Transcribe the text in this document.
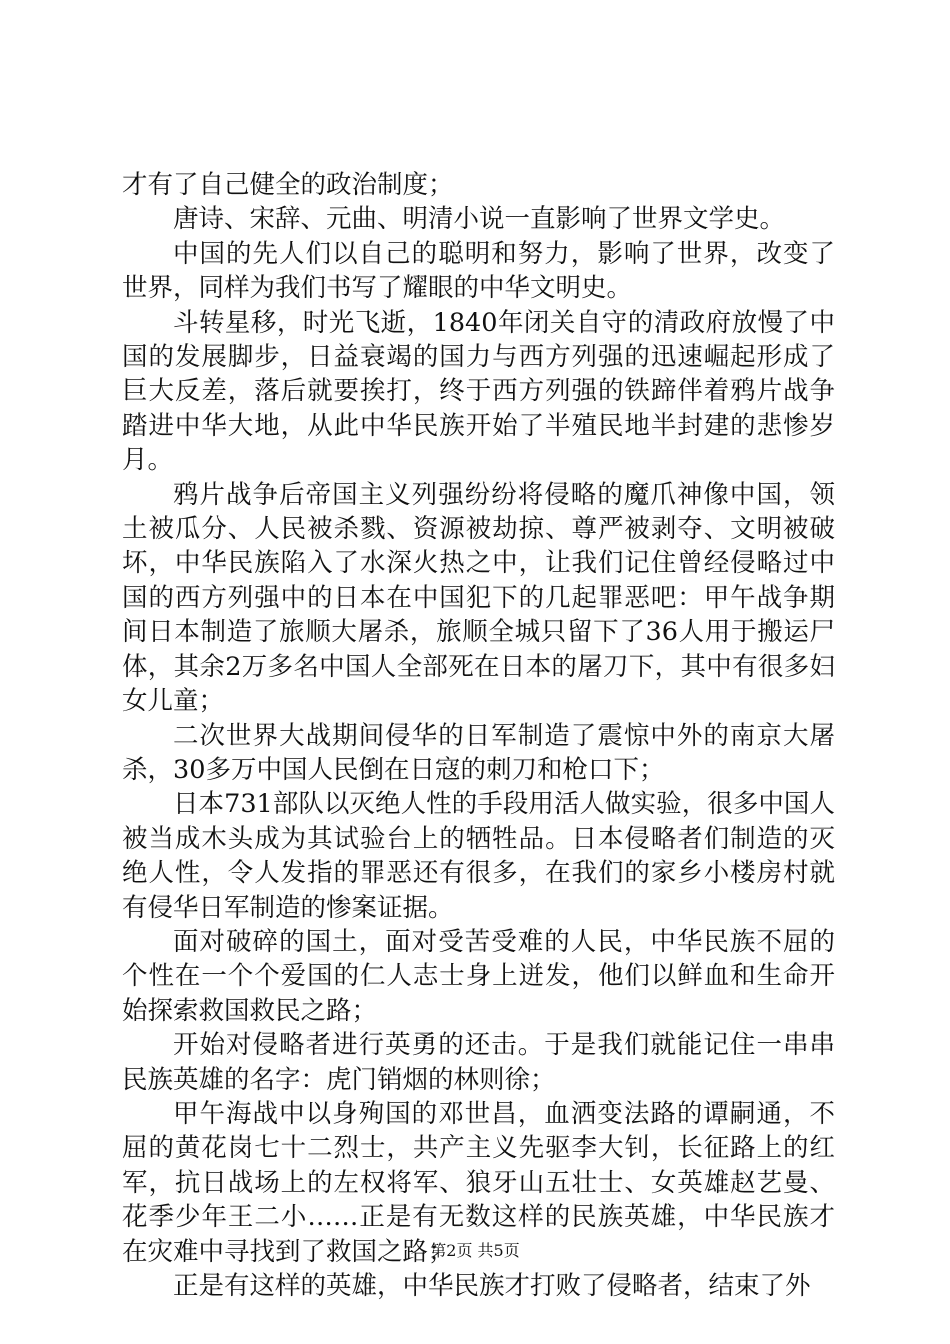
才有了自己健全的政治制度；

唐诗、宋辞、元曲、明清小说一直影响了世界文学史。

中国的先人们以自己的聪明和努力，影响了世界，改变了世界，同样为我们书写了耀眼的中华文明史。

斗转星移，时光飞逝，1840年闭关自守的清政府放慢了中国的发展脚步，日益衰竭的国力与西方列强的迅速崛起形成了巨大反差，落后就要挨打，终于西方列强的铁蹄伴着鸦片战争踏进中华大地，从此中华民族开始了半殖民地半封建的悲惨岁月。

鸦片战争后帝国主义列强纷纷将侵略的魔爪神像中国，领土被瓜分、人民被杀戮、资源被劫掠、尊严被剥夺、文明被破坏，中华民族陷入了水深火热之中，让我们记住曾经侵略过中国的西方列强中的日本在中国犯下的几起罪恶吧：甲午战争期间日本制造了旅顺大屠杀，旅顺全城只留下了36人用于搬运尸体，其余2万多名中国人全部死在日本的屠刀下，其中有很多妇女儿童；

二次世界大战期间侵华的日军制造了震惊中外的南京大屠杀，30多万中国人民倒在日寇的刺刀和枪口下；

日本731部队以灭绝人性的手段用活人做实验，很多中国人被当成木头成为其试验台上的牺牲品。日本侵略者们制造的灭绝人性，令人发指的罪恶还有很多，在我们的家乡小楼房村就有侵华日军制造的惨案证据。

面对破碎的国土，面对受苦受难的人民，中华民族不屈的个性在一个个爱国的仁人志士身上迸发，他们以鲜血和生命开始探索救国救民之路；

开始对侵略者进行英勇的还击。于是我们就能记住一串串民族英雄的名字：虎门销烟的林则徐；

甲午海战中以身殉国的邓世昌，血洒变法路的谭嗣通，不屈的黄花岗七十二烈士，共产主义先驱李大钊，长征路上的红军，抗日战场上的左权将军、狼牙山五壮士、女英雄赵艺曼、花季少年王二小……正是有无数这样的民族英雄，中华民族才在灾难中寻找到了救国之路；

正是有这样的英雄，中华民族才打败了侵略者，结束了外

第2页 共5页
